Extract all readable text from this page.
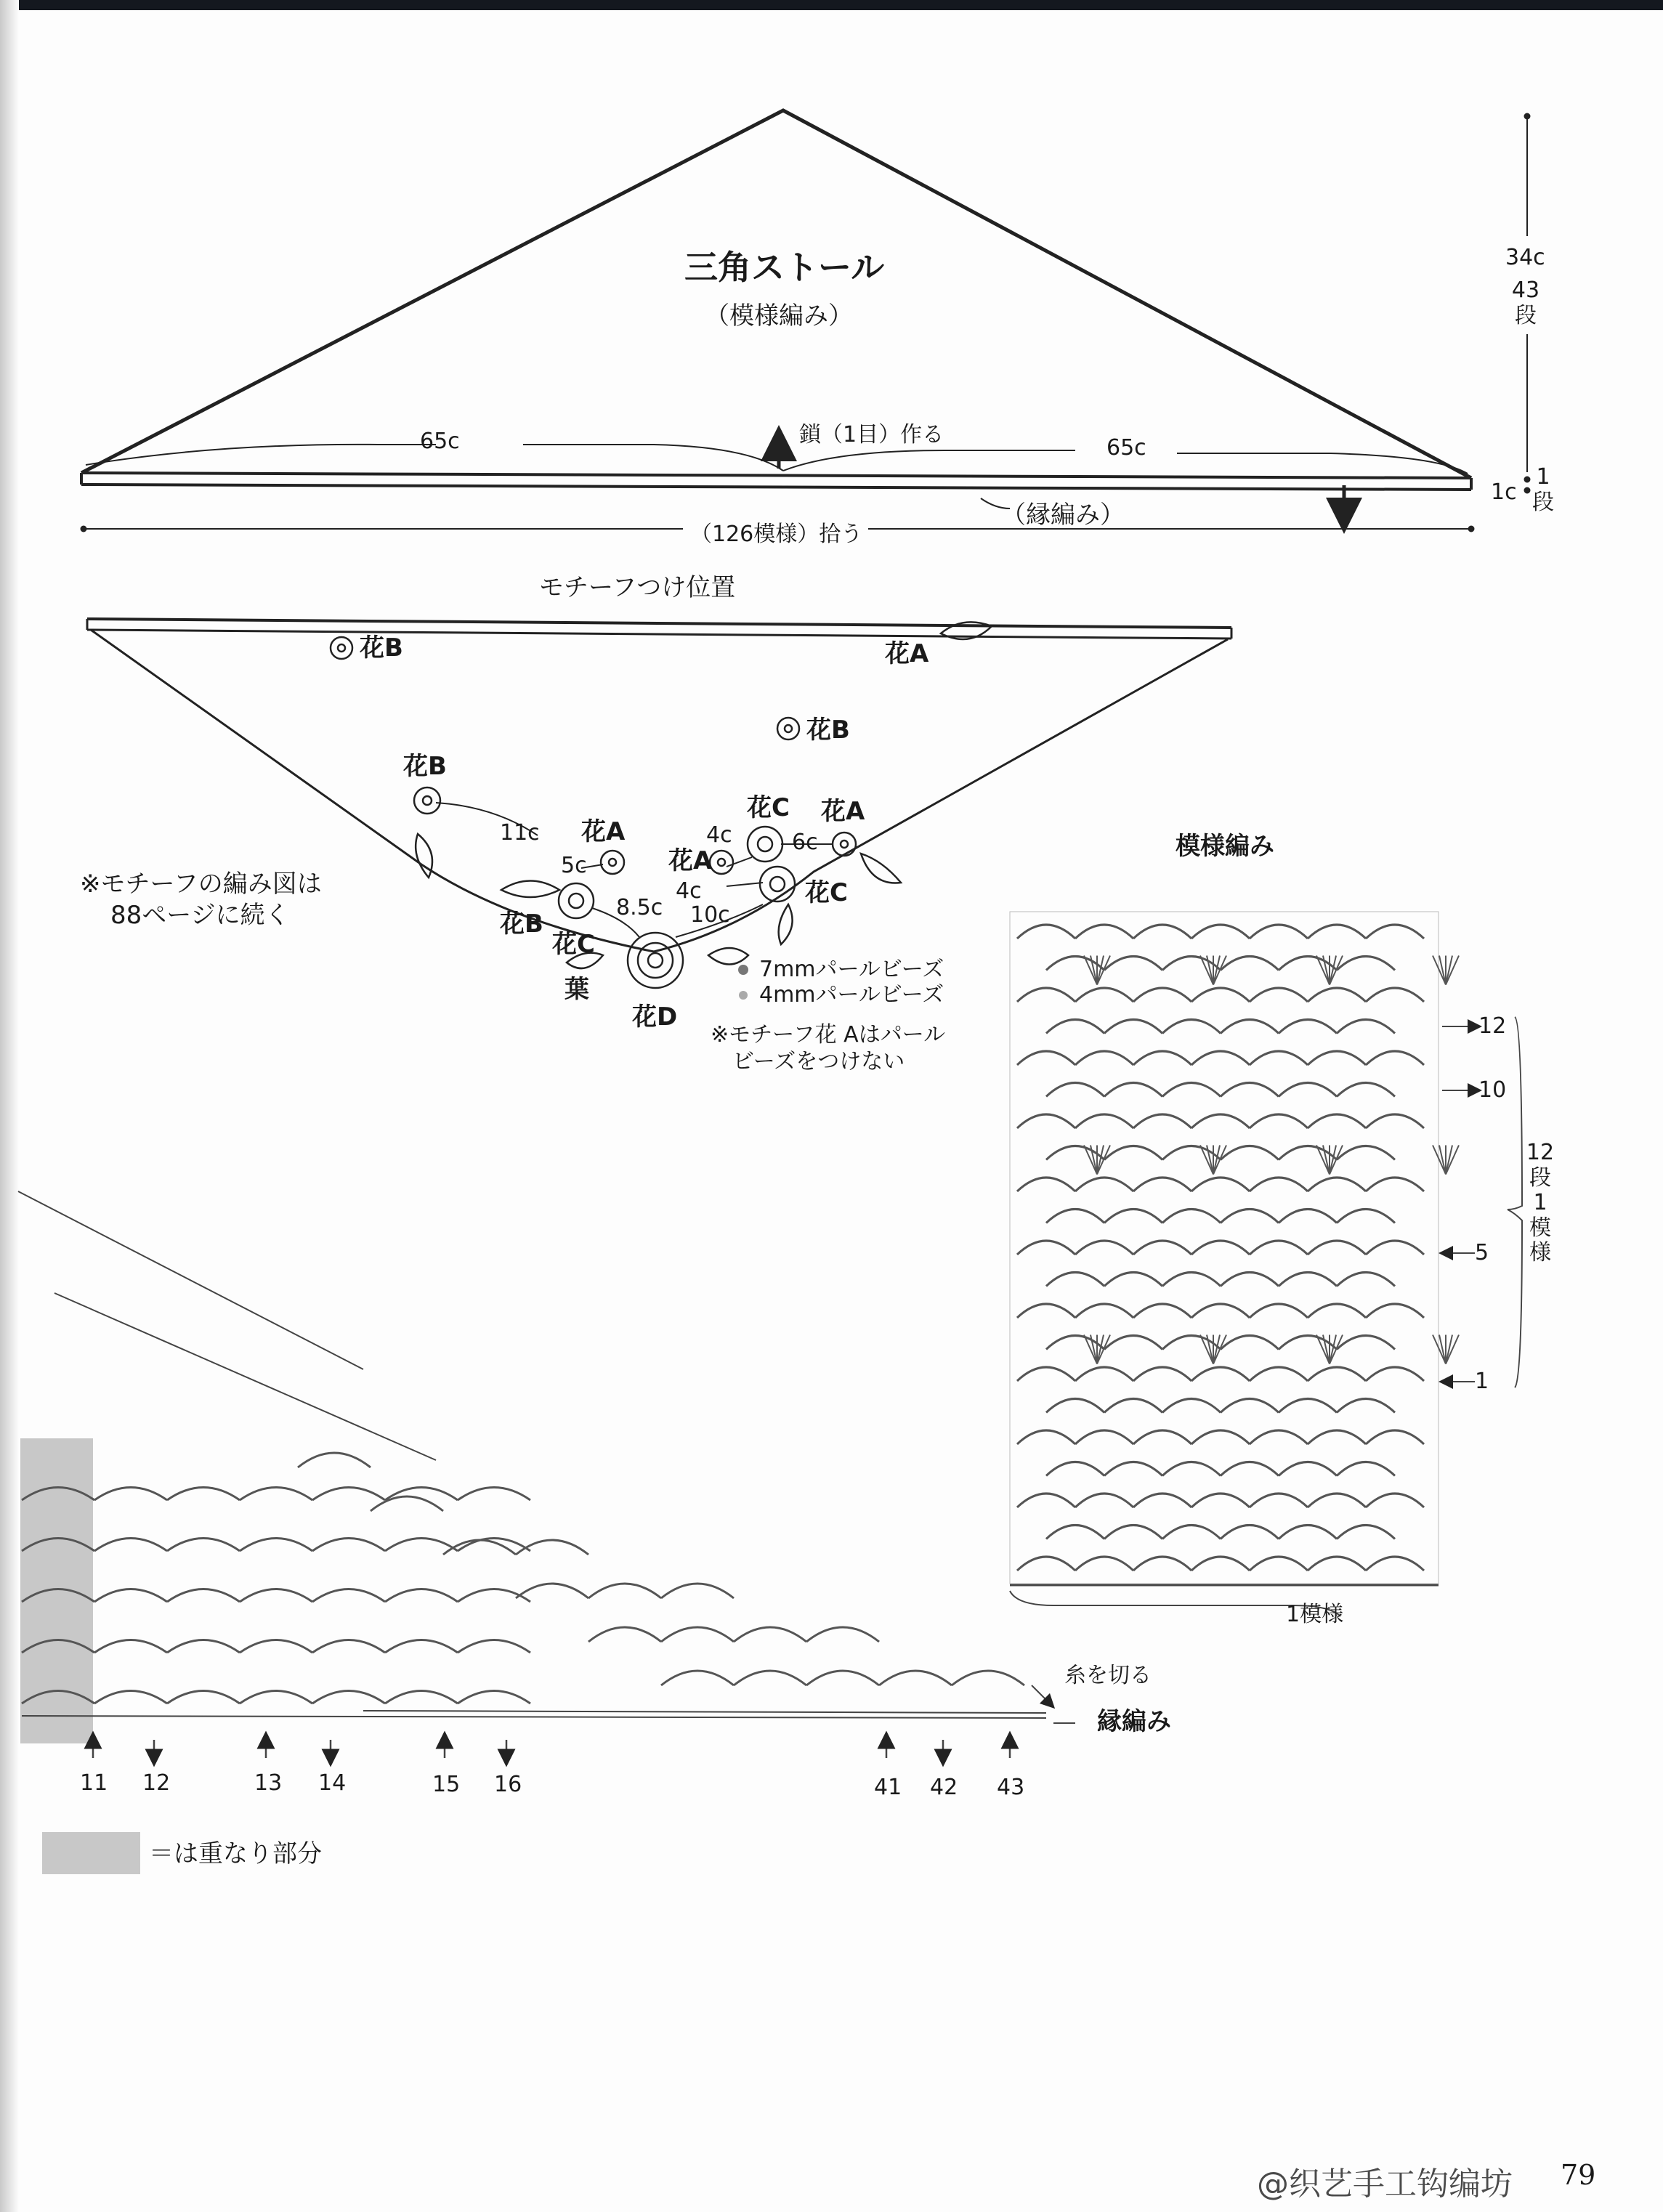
三角ストール
（模様編み）
65c	65c
鎖（1目）作る
（縁編み）
（126模様）拾う
34c
43
段
1c
1
段
モチーフつけ位置
花B	花A
花B
花B
花A
花C 花A
花A
花C
花B
花C
葉
花D
11c
5c
8.5c 10c
4c	6c
4c
7mmパールビーズ
4mmパールビーズ
※モチーフ花 Aはパール
ビーズをつけない
※モチーフの編み図は
88ページに続く
模様編み
12
10
5
1
12
段
1
模
様
1模様
糸を切る
縁編み
11 12	13 14	15 16	41 42 43
＝は重なり部分
79
@织艺手工钩编坊
